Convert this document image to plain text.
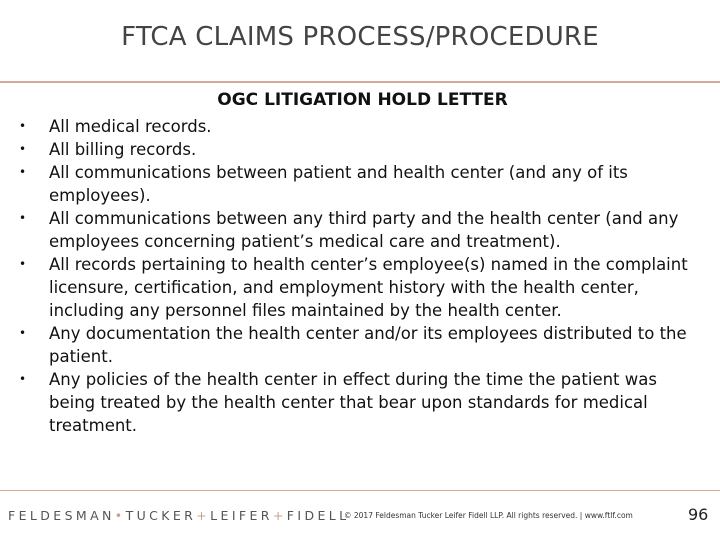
FTCA CLAIMS PROCESS/PROCEDURE
OGC LITIGATION HOLD LETTER
• All medical records.
• All billing records.
• All communications between patient and health center (and any of its employees).
• All communications between any third party and the health center (and any employees concerning patient’s medical care and treatment).
• All records pertaining to health center’s employee(s) named in the complaint licensure, certification, and employment history with the health center, including any personnel files maintained by the health center.
• Any documentation the health center and/or its employees distributed to the patient.
• Any policies of the health center in effect during the time the patient was being treated by the health center that bear upon standards for medical treatment.
FELDESMAN•TUCKER+LEIFER+FIDELL
© 2017 Feldesman Tucker Leifer Fidell LLP. All rights reserved. | www.ftlf.com	96
